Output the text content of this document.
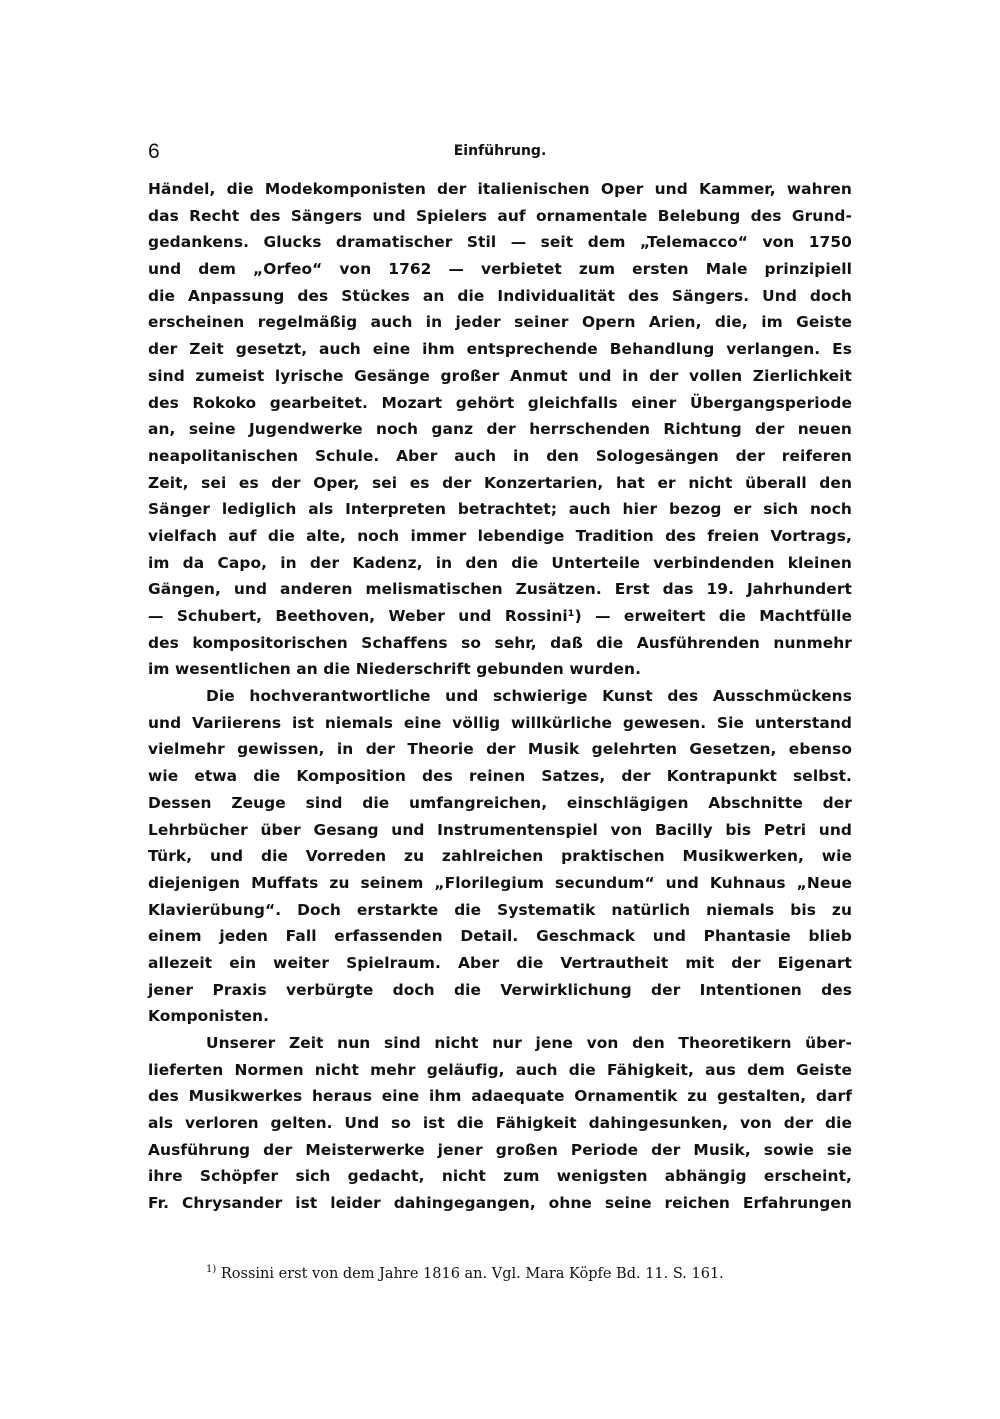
6	Einführung.
Händel, die Modekomponisten der italienischen Oper und Kammer, wahren
das Recht des Sängers und Spielers auf ornamentale Belebung des Grund-
gedankens. Glucks dramatischer Stil — seit dem „Telemacco“ von 1750
und dem „Orfeo“ von 1762 — verbietet zum ersten Male prinzipiell
die Anpassung des Stückes an die Individualität des Sängers. Und doch
erscheinen regelmäßig auch in jeder seiner Opern Arien, die, im Geiste
der Zeit gesetzt, auch eine ihm entsprechende Behandlung verlangen. Es
sind zumeist lyrische Gesänge großer Anmut und in der vollen Zierlichkeit
des Rokoko gearbeitet. Mozart gehört gleichfalls einer Übergangsperiode
an, seine Jugendwerke noch ganz der herrschenden Richtung der neuen
neapolitanischen Schule. Aber auch in den Sologesängen der reiferen
Zeit, sei es der Oper, sei es der Konzertarien, hat er nicht überall den
Sänger lediglich als Interpreten betrachtet; auch hier bezog er sich noch
vielfach auf die alte, noch immer lebendige Tradition des freien Vortrags,
im da Capo, in der Kadenz, in den die Unterteile verbindenden kleinen
Gängen, und anderen melismatischen Zusätzen. Erst das 19. Jahrhundert
— Schubert, Beethoven, Weber und Rossini¹) — erweitert die Machtfülle
des kompositorischen Schaffens so sehr, daß die Ausführenden nunmehr
im wesentlichen an die Niederschrift gebunden wurden.
Die hochverantwortliche und schwierige Kunst des Ausschmückens
und Variierens ist niemals eine völlig willkürliche gewesen. Sie unterstand
vielmehr gewissen, in der Theorie der Musik gelehrten Gesetzen, ebenso
wie etwa die Komposition des reinen Satzes, der Kontrapunkt selbst.
Dessen Zeuge sind die umfangreichen, einschlägigen Abschnitte der
Lehrbücher über Gesang und Instrumentenspiel von Bacilly bis Petri und
Türk, und die Vorreden zu zahlreichen praktischen Musikwerken, wie
diejenigen Muffats zu seinem „Florilegium secundum“ und Kuhnaus „Neue
Klavierübung“. Doch erstarkte die Systematik natürlich niemals bis zu
einem jeden Fall erfassenden Detail. Geschmack und Phantasie blieb
allezeit ein weiter Spielraum. Aber die Vertrautheit mit der Eigenart
jener Praxis verbürgte doch die Verwirklichung der Intentionen des
Komponisten.
Unserer Zeit nun sind nicht nur jene von den Theoretikern über-
lieferten Normen nicht mehr geläufig, auch die Fähigkeit, aus dem Geiste
des Musikwerkes heraus eine ihm adaequate Ornamentik zu gestalten, darf
als verloren gelten. Und so ist die Fähigkeit dahingesunken, von der die
Ausführung der Meisterwerke jener großen Periode der Musik, sowie sie
ihre Schöpfer sich gedacht, nicht zum wenigsten abhängig erscheint,
Fr. Chrysander ist leider dahingegangen, ohne seine reichen Erfahrungen
$^{1)}$ Rossini erst von dem Jahre 1816 an. Vgl. Mara Köpfe Bd. 11. S. 161.
